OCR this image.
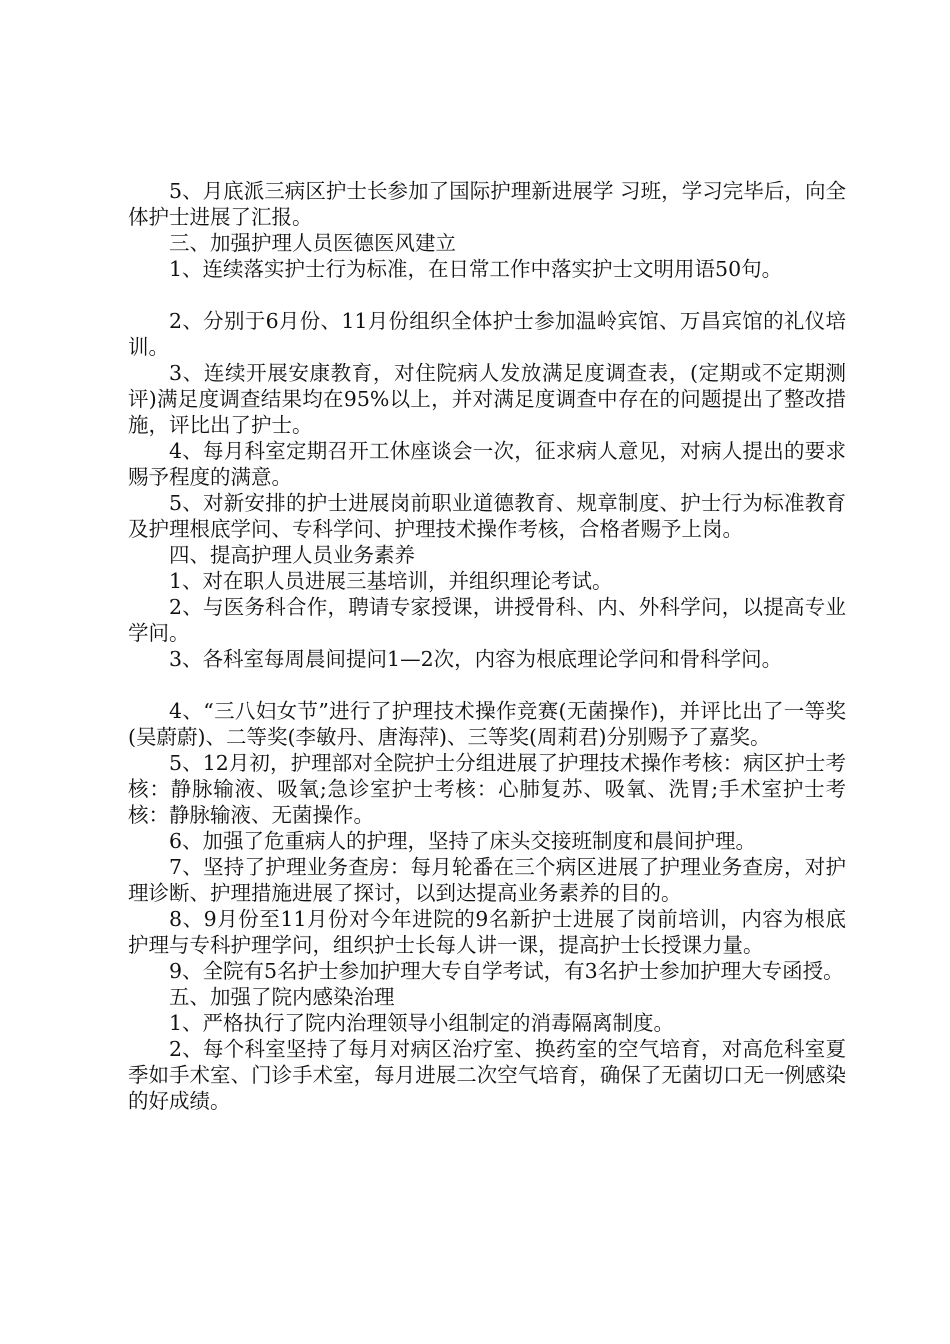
5、月底派三病区护士长参加了国际护理新进展学 习班，学习完毕后，向全体护士进展了汇报。

三、加强护理人员医德医风建立

1、连续落实护士行为标准，在日常工作中落实护士文明用语50句。

2、分别于6月份、11月份组织全体护士参加温岭宾馆、万昌宾馆的礼仪培训。

3、连续开展安康教育，对住院病人发放满足度调查表，(定期或不定期测评)满足度调查结果均在95%以上，并对满足度调查中存在的问题提出了整改措施，评比出了护士。

4、每月科室定期召开工休座谈会一次，征求病人意见，对病人提出的要求赐予程度的满意。

5、对新安排的护士进展岗前职业道德教育、规章制度、护士行为标准教育及护理根底学问、专科学问、护理技术操作考核，合格者赐予上岗。

四、提高护理人员业务素养

1、对在职人员进展三基培训，并组织理论考试。

2、与医务科合作，聘请专家授课，讲授骨科、内、外科学问，以提高专业学问。

3、各科室每周晨间提问1—2次，内容为根底理论学问和骨科学问。

4、“三八妇女节”进行了护理技术操作竞赛(无菌操作)，并评比出了一等奖(吴蔚蔚)、二等奖(李敏丹、唐海萍)、三等奖(周莉君)分别赐予了嘉奖。

5、12月初，护理部对全院护士分组进展了护理技术操作考核：病区护士考核：静脉输液、吸氧;急诊室护士考核：心肺复苏、吸氧、洗胃;手术室护士考核：静脉输液、无菌操作。

6、加强了危重病人的护理，坚持了床头交接班制度和晨间护理。

7、坚持了护理业务查房：每月轮番在三个病区进展了护理业务查房，对护理诊断、护理措施进展了探讨，以到达提高业务素养的目的。

8、9月份至11月份对今年进院的9名新护士进展了岗前培训，内容为根底护理与专科护理学问，组织护士长每人讲一课，提高护士长授课力量。

9、全院有5名护士参加护理大专自学考试，有3名护士参加护理大专函授。

五、加强了院内感染治理

1、严格执行了院内治理领导小组制定的消毒隔离制度。

2、每个科室坚持了每月对病区治疗室、换药室的空气培育，对高危科室夏季如手术室、门诊手术室，每月进展二次空气培育，确保了无菌切口无一例感染的好成绩。
